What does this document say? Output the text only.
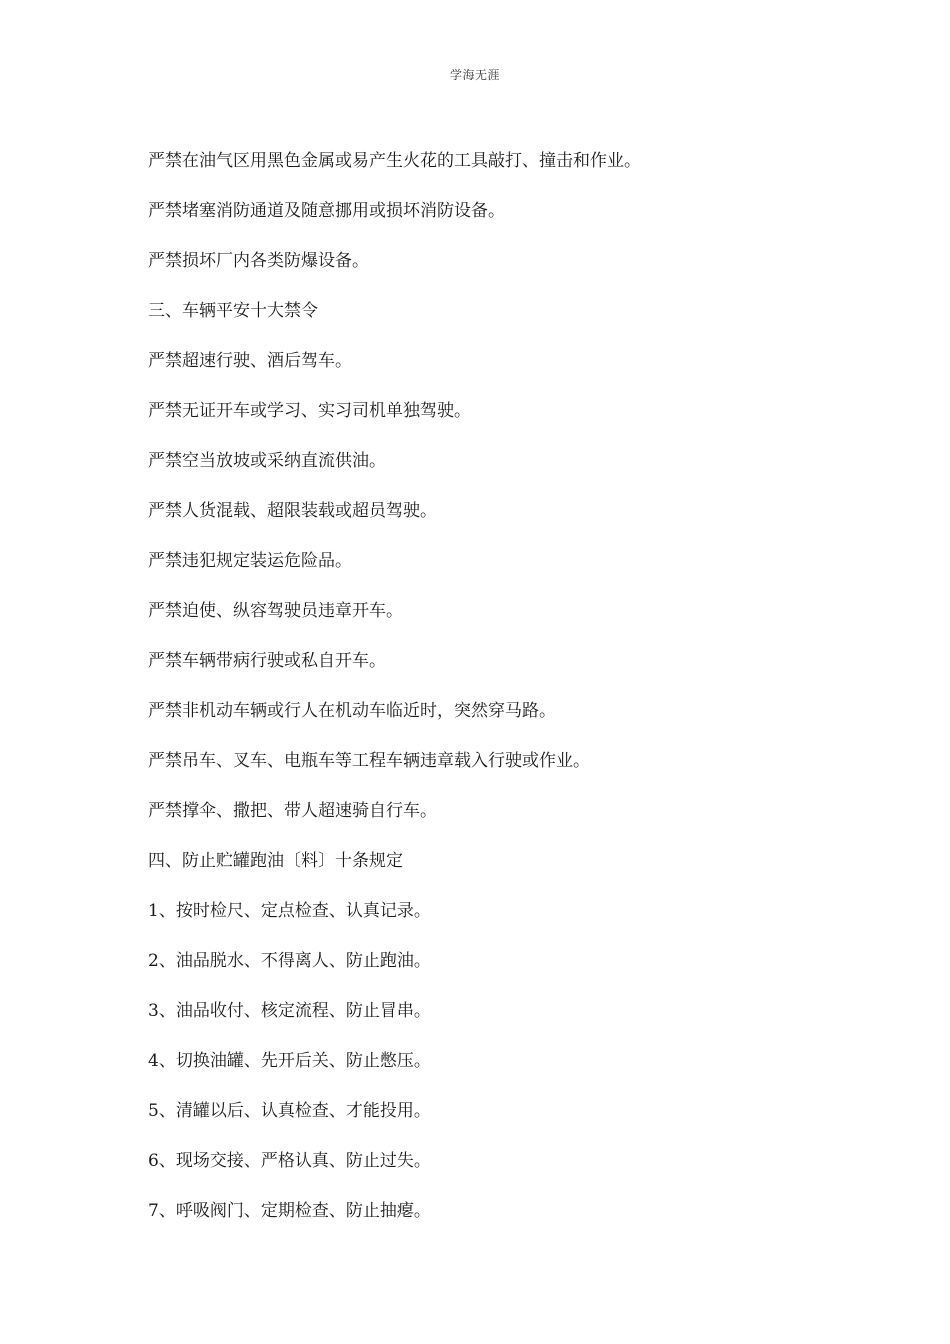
学海无涯
严禁在油气区用黑色金属或易产生火花的工具敲打、撞击和作业。
严禁堵塞消防通道及随意挪用或损坏消防设备。
严禁损坏厂内各类防爆设备。
三、车辆平安十大禁令
严禁超速行驶、酒后驾车。
严禁无证开车或学习、实习司机单独驾驶。
严禁空当放坡或采纳直流供油。
严禁人货混载、超限装载或超员驾驶。
严禁违犯规定装运危险品。
严禁迫使、纵容驾驶员违章开车。
严禁车辆带病行驶或私自开车。
严禁非机动车辆或行人在机动车临近时，突然穿马路。
严禁吊车、叉车、电瓶车等工程车辆违章载入行驶或作业。
严禁撑伞、撒把、带人超速骑自行车。
四、防止贮罐跑油〔料〕十条规定
1、按时检尺、定点检查、认真记录。
2、油品脱水、不得离人、防止跑油。
3、油品收付、核定流程、防止冒串。
4、切换油罐、先开后关、防止憋压。
5、清罐以后、认真检查、才能投用。
6、现场交接、严格认真、防止过失。
7、呼吸阀门、定期检查、防止抽瘪。
